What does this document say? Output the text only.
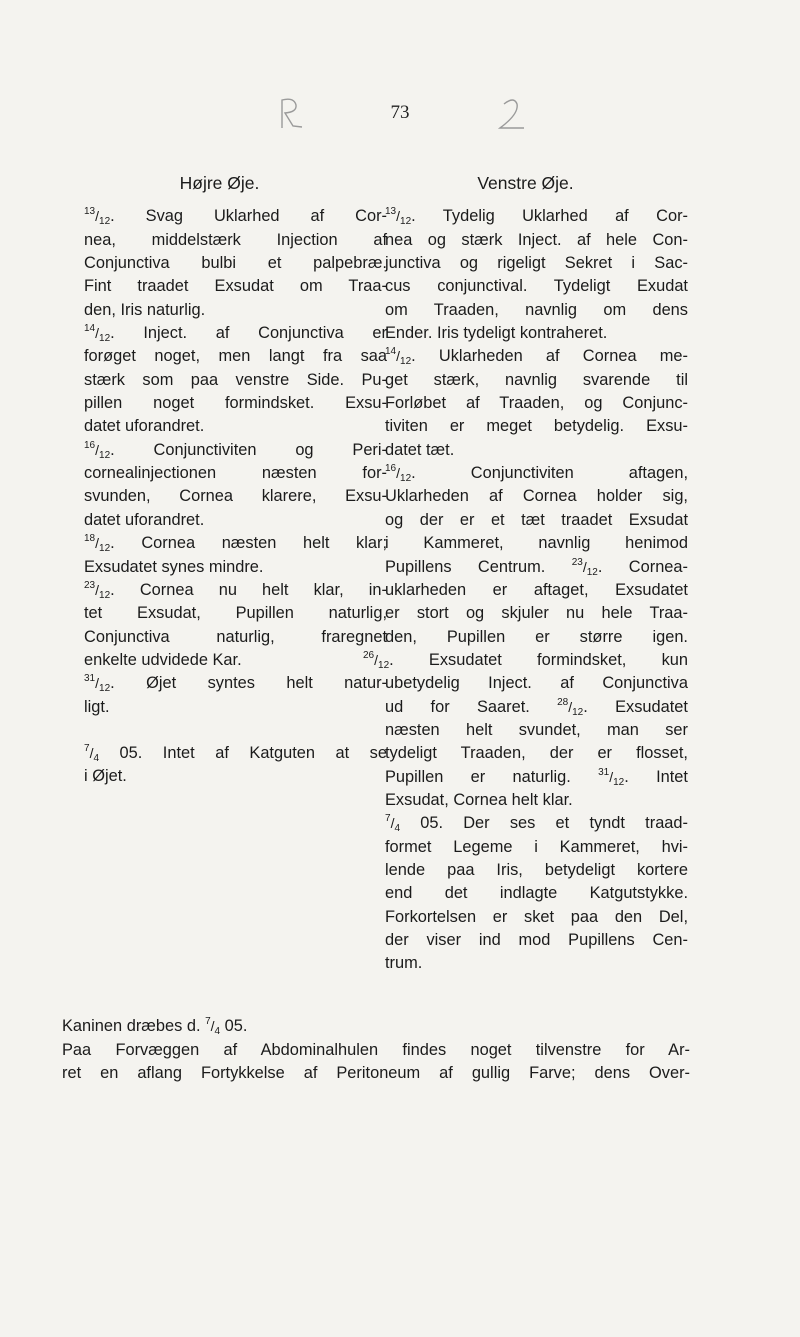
73
Højre Øje.
$^{13}/_{12}$. Svag Uklarhed af Cor-
nea, middelstærk Injection af
Conjunctiva bulbi et palpebræ.
Fint traadet Exsudat om Traa-
den, Iris naturlig.
$^{14}/_{12}$. Inject. af Conjunctiva er
forøget noget, men langt fra saa
stærk som paa venstre Side. Pu-
pillen noget formindsket. Exsu-
datet uforandret.
$^{16}/_{12}$. Conjunctiviten og Peri-
cornealinjectionen næsten for-
svunden, Cornea klarere, Exsu-
datet uforandret.
$^{18}/_{12}$. Cornea næsten helt klar;
Exsudatet synes mindre.
$^{23}/_{12}$. Cornea nu helt klar, in-
tet Exsudat, Pupillen naturlig,
Conjunctiva naturlig, fraregnet
enkelte udvidede Kar.
$^{31}/_{12}$. Øjet syntes helt natur-
ligt.
$^7/_4$ 05. Intet af Katguten at se
i Øjet.
Venstre Øje.
$^{13}/_{12}$. Tydelig Uklarhed af Cor-
nea og stærk Inject. af hele Con-
junctiva og rigeligt Sekret i Sac-
cus conjunctival. Tydeligt Exudat
om Traaden, navnlig om dens
Ender. Iris tydeligt kontraheret.
$^{14}/_{12}$. Uklarheden af Cornea me-
get stærk, navnlig svarende til
Forløbet af Traaden, og Conjunc-
tiviten er meget betydelig. Exsu-
datet tæt.
$^{16}/_{12}$. Conjunctiviten aftagen,
Uklarheden af Cornea holder sig,
og der er et tæt traadet Exsudat
i Kammeret, navnlig henimod
Pupillens Centrum. $^{23}/_{12}$. Cornea-
uklarheden er aftaget, Exsudatet
er stort og skjuler nu hele Traa-
den, Pupillen er større igen.
$^{26}/_{12}$. Exsudatet formindsket, kun
ubetydelig Inject. af Conjunctiva
ud for Saaret. $^{28}/_{12}$. Exsudatet
næsten helt svundet, man ser
tydeligt Traaden, der er flosset,
Pupillen er naturlig. $^{31}/_{12}$. Intet
Exsudat, Cornea helt klar.
$^7/_4$ 05. Der ses et tyndt traad-
formet Legeme i Kammeret, hvi-
lende paa Iris, betydeligt kortere
end det indlagte Katgutstykke.
Forkortelsen er sket paa den Del,
der viser ind mod Pupillens Cen-
trum.
Kaninen dræbes d. $^7/_4$ 05.
Paa Forvæggen af Abdominalhulen findes noget tilvenstre for Ar-
ret en aflang Fortykkelse af Peritoneum af gullig Farve; dens Over-
